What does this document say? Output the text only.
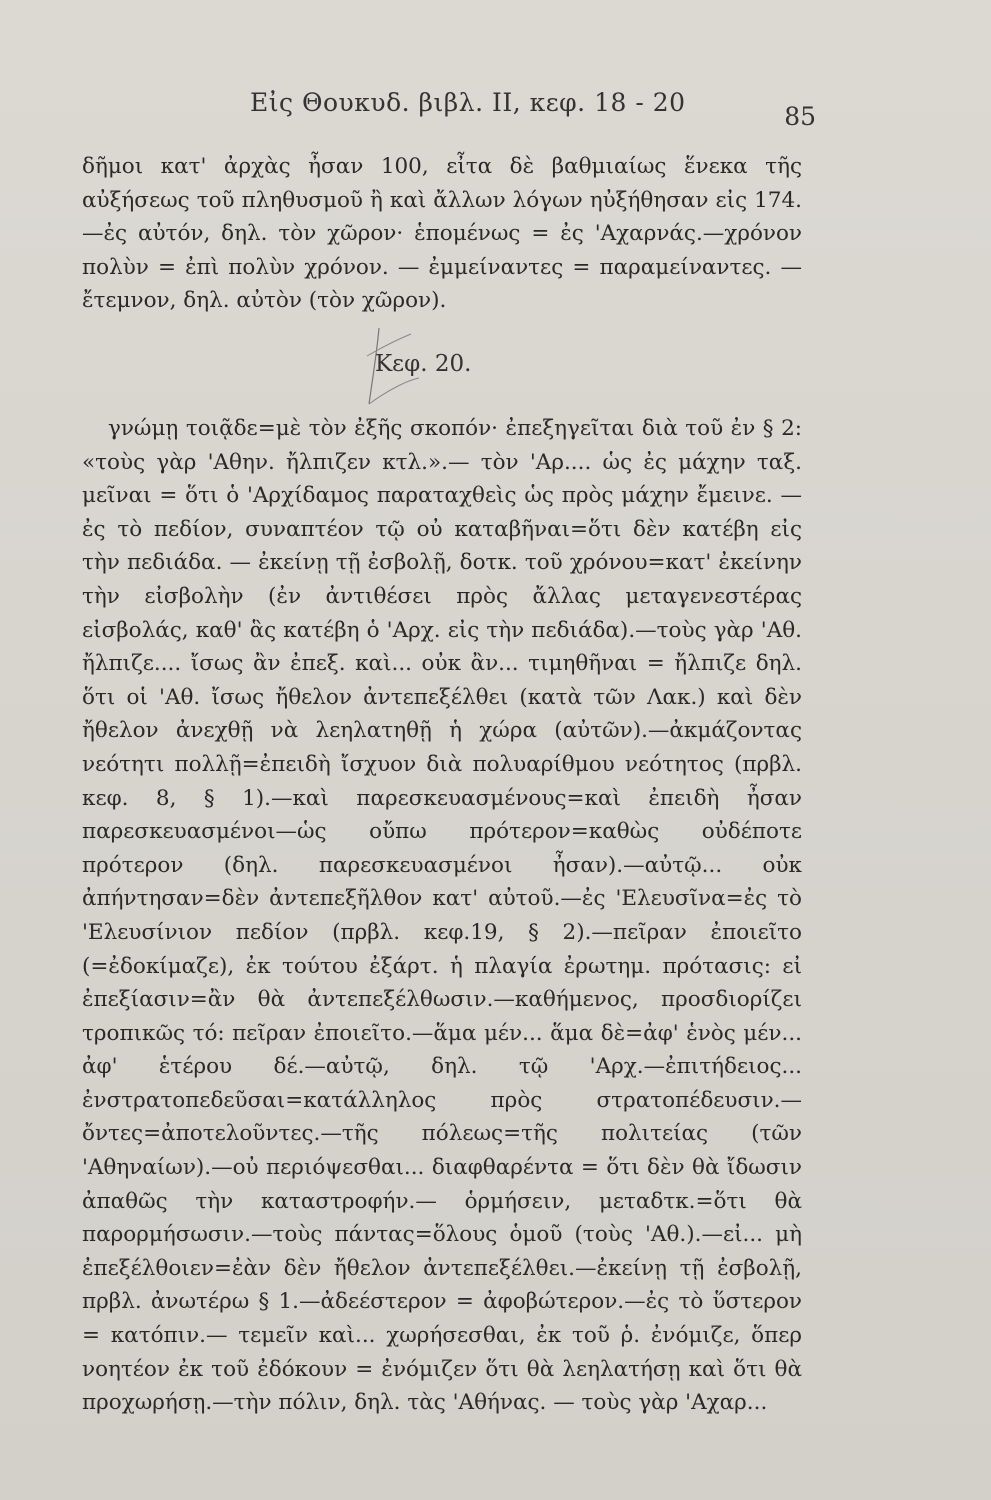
Εἰς Θουκυδ. βιβλ. II, κεφ. 18 - 20	85

δῆμοι κατ' ἀρχὰς ἦσαν 100, εἶτα δὲ βαθμιαίως ἕνεκα τῆς αὐξήσεως τοῦ πληθυσμοῦ ἢ καὶ ἄλλων λόγων ηὐξήθησαν εἰς 174.—ἐς αὐτόν, δηλ. τὸν χῶρον· ἑπομένως = ἐς 'Αχαρνάς.—χρόνον πολὺν = ἐπὶ πολὺν χρόνον. — ἐμμείναντες = παραμείναντες. — ἔτεμνον, δηλ. αὐτὸν (τὸν χῶρον).

Κεφ. 20.

γνώμῃ τοιᾷδε=μὲ τὸν ἐξῆς σκοπόν· ἐπεξηγεῖται διὰ τοῦ ἐν § 2: «τοὺς γὰρ 'Αθην. ἤλπιζεν κτλ.».— τὸν 'Αρ.... ὡς ἐς μάχην ταξ. μεῖναι = ὅτι ὁ 'Αρχίδαμος παραταχθεὶς ὡς πρὸς μάχην ἔμεινε. — ἐς τὸ πεδίον, συναπτέον τῷ οὐ καταβῆναι=ὅτι δὲν κατέβη εἰς τὴν πεδιάδα. — ἐκείνῃ τῇ ἐσβολῇ, δοτκ. τοῦ χρόνου=κατ' ἐκείνην τὴν εἰσβολὴν (ἐν ἀντιθέσει πρὸς ἄλλας μεταγενεστέρας εἰσβολάς, καθ' ἃς κατέβη ὁ 'Αρχ. εἰς τὴν πεδιάδα).—τοὺς γὰρ 'Αθ. ἤλπιζε.... ἴσως ἂν ἐπεξ. καὶ... οὐκ ἂν... τιμηθῆναι = ἤλπιζε δηλ. ὅτι οἱ 'Αθ. ἴσως ἤθελον ἀντεπεξέλθει (κατὰ τῶν Λακ.) καὶ δὲν ἤθελον ἀνεχθῇ νὰ λεηλατηθῇ ἡ χώρα (αὐτῶν).—ἀκμάζοντας νεότητι πολλῇ=ἐπειδὴ ἴσχυον διὰ πολυαρίθμου νεότητος (πρβλ. κεφ. 8, § 1).—καὶ παρεσκευασμένους=καὶ ἐπειδὴ ἦσαν παρεσκευασμένοι—ὡς οὔπω πρότερον=καθὼς οὐδέποτε πρότερον (δηλ. παρεσκευασμένοι ἦσαν).—αὐτῷ... οὐκ ἀπήντησαν=δὲν ἀντεπεξῆλθον κατ' αὐτοῦ.—ἐς 'Ελευσῖνα=ἐς τὸ 'Ελευσίνιον πεδίον (πρβλ. κεφ.19, § 2).—πεῖραν ἐποιεῖτο (=ἐδοκίμαζε), ἐκ τούτου ἐξάρτ. ἡ πλαγία ἐρωτημ. πρότασις: εἰ ἐπεξίασιν=ἂν θὰ ἀντεπεξέλθωσιν.—καθήμενος, προσδιορίζει τροπικῶς τό: πεῖραν ἐποιεῖτο.—ἅμα μέν... ἅμα δὲ=ἀφ' ἑνὸς μέν... ἀφ' ἑτέρου δέ.—αὐτῷ, δηλ. τῷ 'Αρχ.—ἐπιτήδειος... ἐνστρατοπεδεῦσαι=κατάλληλος πρὸς στρατοπέδευσιν.—ὄντες=ἀποτελοῦντες.—τῆς πόλεως=τῆς πολιτείας (τῶν 'Αθηναίων).—οὐ περιόψεσθαι... διαφθαρέντα = ὅτι δὲν θὰ ἴδωσιν ἀπαθῶς τὴν καταστροφήν.— ὁρμήσειν, μεταδτκ.=ὅτι θὰ παρορμήσωσιν.—τοὺς πάντας=ὅλους ὁμοῦ (τοὺς 'Αθ.).—εἰ... μὴ ἐπεξέλθοιεν=ἐὰν δὲν ἤθελον ἀντεπεξέλθει.—ἐκείνῃ τῇ ἐσβολῇ, πρβλ. ἀνωτέρω § 1.—ἀδεέστερον = ἀφοβώτερον.—ἐς τὸ ὕστερον = κατόπιν.— τεμεῖν καὶ... χωρήσεσθαι, ἐκ τοῦ ῥ. ἐνόμιζε, ὅπερ νοητέον ἐκ τοῦ ἐδόκουν = ἐνόμιζεν ὅτι θὰ λεηλατήσῃ καὶ ὅτι θὰ προχωρήσῃ.—τὴν πόλιν, δηλ. τὰς 'Αθήνας. — τοὺς γὰρ 'Αχαρ...
